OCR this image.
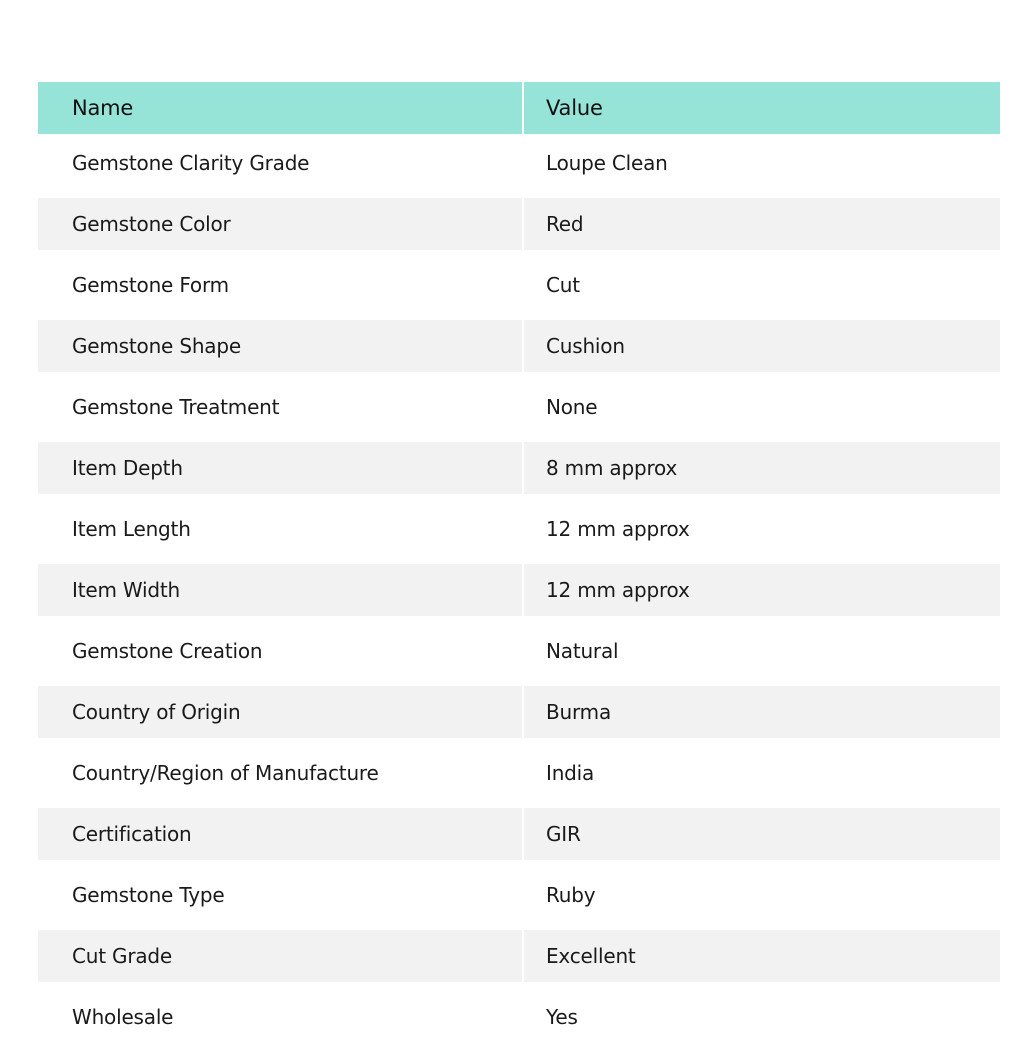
Name	Value
Gemstone Clarity Grade	Loupe Clean
Gemstone Color	Red
Gemstone Form	Cut
Gemstone Shape	Cushion
Gemstone Treatment	None
Item Depth	8 mm approx
Item Length	12 mm approx
Item Width	12 mm approx
Gemstone Creation	Natural
Country of Origin	Burma
Country/Region of Manufacture	India
Certification	GIR
Gemstone Type	Ruby
Cut Grade	Excellent
Wholesale	Yes
